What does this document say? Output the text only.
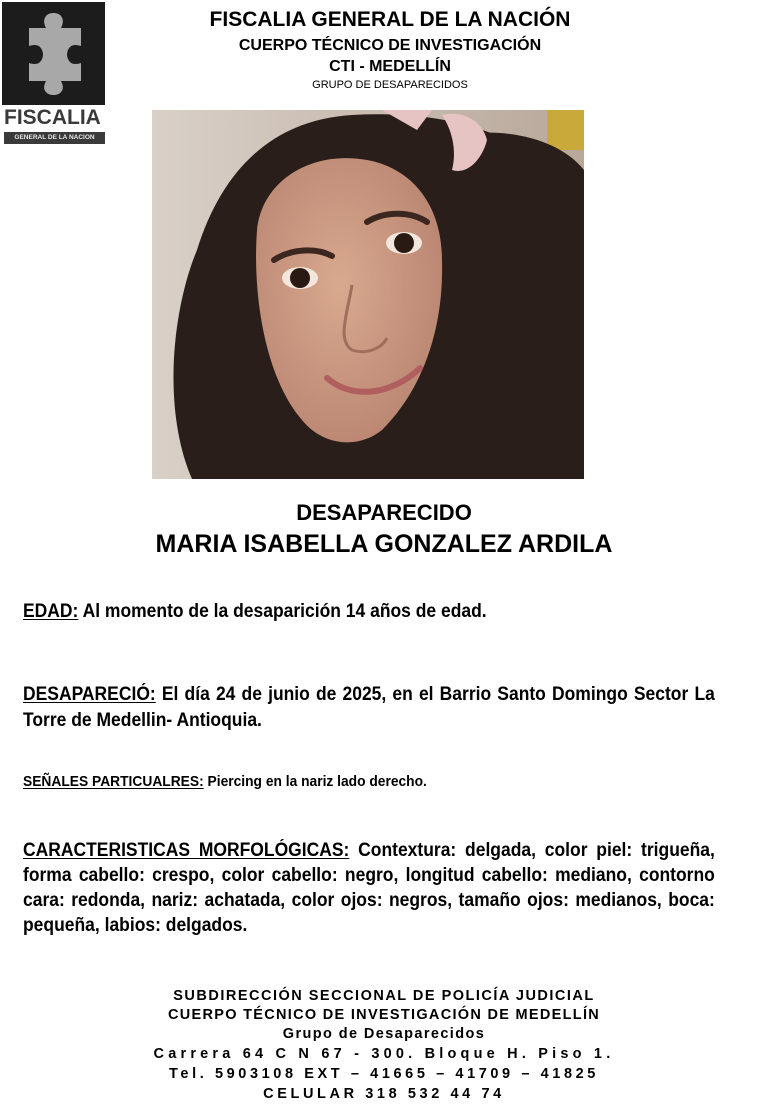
FISCALIA
GENERAL DE LA NACION
FISCALIA GENERAL DE LA NACIÓN
CUERPO TÉCNICO DE INVESTIGACIÓN
CTI - MEDELLÍN
GRUPO DE DESAPARECIDOS
DESAPARECIDO
MARIA ISABELLA GONZALEZ ARDILA
EDAD: Al momento de la desaparición 14 años de edad.
DESAPARECIÓ: El día 24 de junio de 2025, en el Barrio Santo Domingo Sector La Torre de Medellin- Antioquia.
SEÑALES PARTICUALRES: Piercing en la nariz lado derecho.
CARACTERISTICAS MORFOLÓGICAS: Contextura: delgada, color piel: trigueña, forma cabello: crespo, color cabello: negro, longitud cabello: mediano, contorno cara: redonda, nariz: achatada, color ojos: negros, tamaño ojos: medianos, boca: pequeña, labios: delgados.
SUBDIRECCIÓN SECCIONAL DE POLICÍA JUDICIAL
CUERPO TÉCNICO DE INVESTIGACIÓN DE MEDELLÍN
Grupo de Desaparecidos
Carrera 64 C N 67 - 300. Bloque H. Piso 1.
Tel. 5903108 EXT – 41665 – 41709 – 41825
CELULAR 318 532 44 74
